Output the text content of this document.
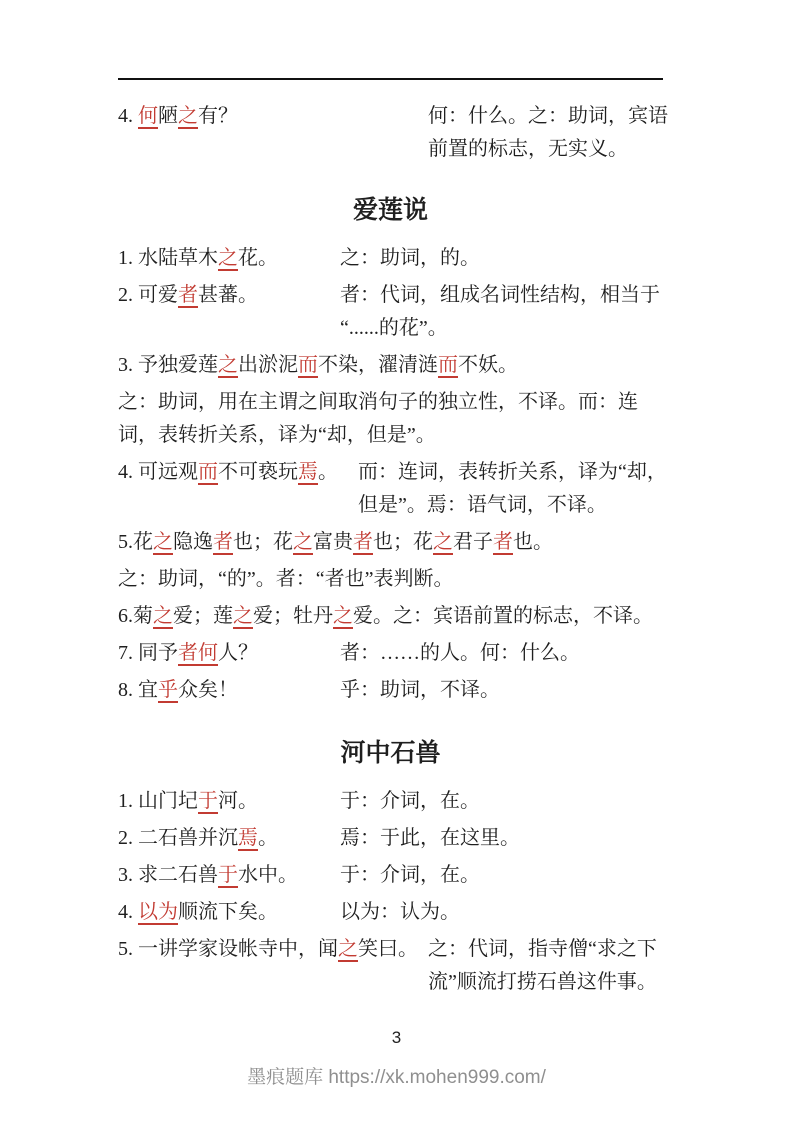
4. 何陋之有？	何：什么。之：助词，宾语
前置的标志，无实义。

爱莲说

1. 水陆草木之花。	之：助词，的。

2. 可爱者甚蕃。	者：代词，组成名词性结构，相当于
“......的花”。

3. 予独爱莲之出淤泥而不染，濯清涟而不妖。

之：助词，用在主谓之间取消句子的独立性，不译。而：连
词，表转折关系，译为“却，但是”。

4. 可远观而不可亵玩焉。	而：连词，表转折关系，译为“却，
但是”。焉：语气词，不译。

5.花之隐逸者也；花之富贵者也；花之君子者也。

之：助词，“的”。者：“者也”表判断。

6.菊之爱；莲之爱；牡丹之爱。之：宾语前置的标志，不译。

7. 同予者何人？	者：……的人。何：什么。

8. 宜乎众矣！	乎：助词，不译。

河中石兽

1. 山门圮于河。	于：介词，在。

2. 二石兽并沉焉。	焉：于此，在这里。

3. 求二石兽于水中。	于：介词，在。

4. 以为顺流下矣。	以为：认为。

5. 一讲学家设帐寺中，闻之笑曰。 之：代词，指寺僧“求之下
流”顺流打捞石兽这件事。

3
墨痕题库 https://xk.mohen999.com/
